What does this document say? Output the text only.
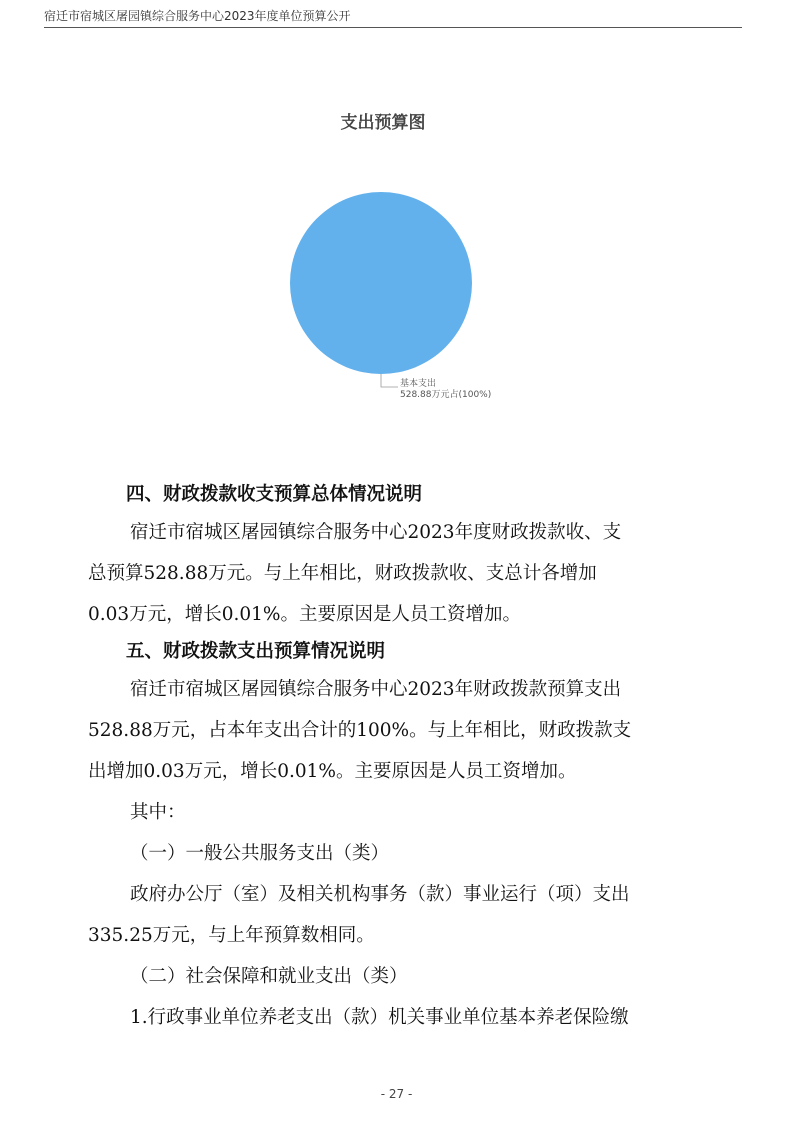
宿迁市宿城区屠园镇综合服务中心2023年度单位预算公开
支出预算图
基本支出
528.88万元占(100%)
四、财政拨款收支预算总体情况说明
宿迁市宿城区屠园镇综合服务中心2023年度财政拨款收、支
总预算528.88万元。与上年相比，财政拨款收、支总计各增加
0.03万元，增长0.01%。主要原因是人员工资增加。
五、财政拨款支出预算情况说明
宿迁市宿城区屠园镇综合服务中心2023年财政拨款预算支出
528.88万元，占本年支出合计的100%。与上年相比，财政拨款支
出增加0.03万元，增长0.01%。主要原因是人员工资增加。
其中：
（一）一般公共服务支出（类）
政府办公厅（室）及相关机构事务（款）事业运行（项）支出
335.25万元，与上年预算数相同。
（二）社会保障和就业支出（类）
1.行政事业单位养老支出（款）机关事业单位基本养老保险缴
- 27 -
